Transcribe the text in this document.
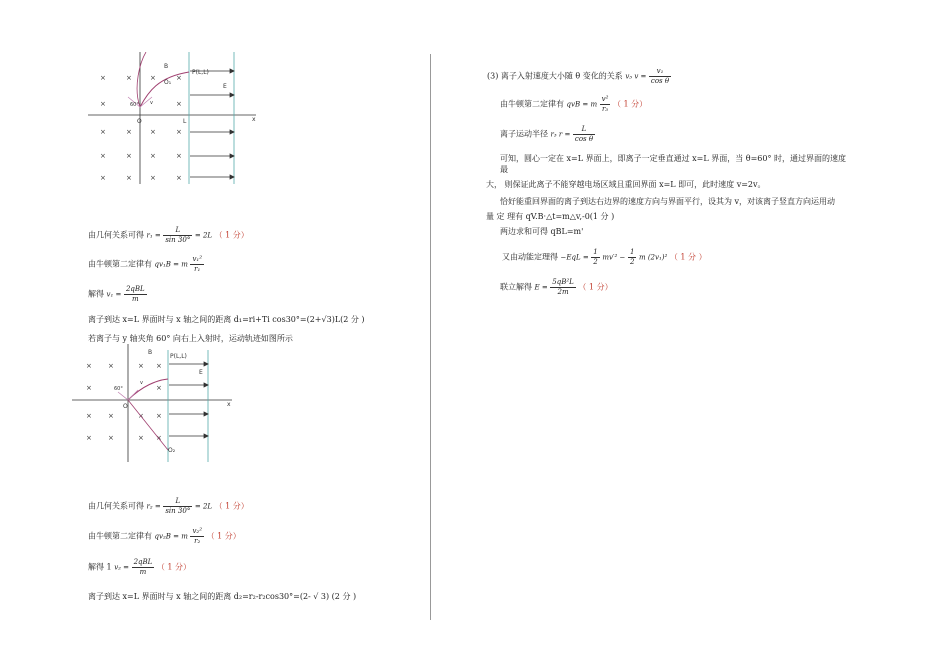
×	×	×	×
×	×
×	×	×	×
×	×	×	×
×	×	×	×
B
O₁
P(L,L)
E
O	L	x
60° v
由几何关系可得 $r_1 = \frac{L}{\sin 30^\circ} = 2L$ （ 1 分）
由牛顿第二定律有 qv₁B = m $\frac{\text{v₁²}}{\text{r₁}}$
解得 $v_1 = \frac{\text{2qBL}}{m}$
离子到达 x=L 界面时与 x 轴之间的距离 d₁=ri+Ti cos30°=(2+√3)L(2 分 )
若离子与 y 轴夹角 60° 向右上入射时，运动轨迹如图所示
× ×	× ×
×	×
× ×	× ×
× ×	× ×
B
P(L,L)
E
O
O₂
60°
v
x
由几何关系可得 $r_2 = \frac{L}{\sin 30^\circ} = 2L$ （ 1 分）
由牛顿第二定律有 qv₂B = m $\frac{\text{v₂²}}{\text{r₂}}$ （ 1 分）
解得 1 $v_2 = \frac{\text{2qBL}}{m}$ （ 1 分）
离子到达 x=L 界面时与 x 轴之间的距离 d₂=r₂-r₂cos30°=(2- √ 3) (2 分 )
(3) 离子入射速度大小随 θ 变化的关系 v₃ $v = \frac{\text{v₁}}{\text{cos θ}}$
由牛顿第二定律有 qvB = m $\frac{\text{v²}}{\text{r₃}}$ （ 1 分）
离子运动半径 r₃ $r = \frac{L}{\text{cos θ}}$
可知，圆心一定在 x=L 界面上，即离子一定垂直通过 x=L 界面，当 θ=60° 时，通过界面的速度
最
大， 则保证此离子不能穿越电场区域且重回界面 x=L 即可，此时速度 v=2v。
恰好能重回界面的离子到达右边界的速度方向与界面平行，设其为 v，对该离子竖直方向运用动
量 定 理有 qV.B·△t=m△v,-0(1 分 )
两边求和可得 qBL=m'
又由动能定理得 $-EqL = \frac{1}{2} mv'^2 - \frac{1}{2}$ m (2v₁)² （ 1 分 ）
联立解得 $E = \frac{\text{5qB²L}}{2m}$ （ 1 分）
